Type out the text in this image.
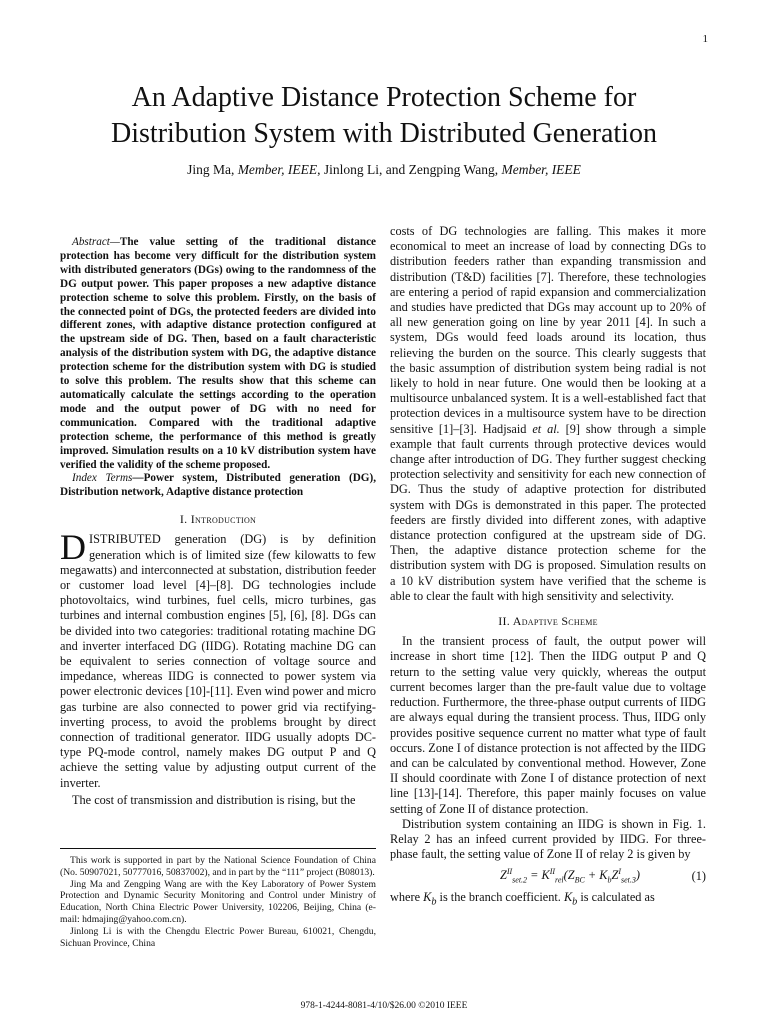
1
An Adaptive Distance Protection Scheme for
Distribution System with Distributed Generation
Jing Ma, Member, IEEE, Jinlong Li, and Zengping Wang, Member, IEEE

Abstract—The value setting of the traditional distance protection has become very difficult for the distribution system with distributed generators (DGs) owing to the randomness of the DG output power. This paper proposes a new adaptive distance protection scheme to solve this problem. Firstly, on the basis of the connected point of DGs, the protected feeders are divided into different zones, with adaptive distance protection configured at the upstream side of DG. Then, based on a fault characteristic analysis of the distribution system with DG, the adaptive distance protection scheme for the distribution system with DG is studied to solve this problem. The results show that this scheme can automatically calculate the settings according to the operation mode and the output power of DG with no need for communication. Compared with the traditional adaptive protection scheme, the performance of this method is greatly improved. Simulation results on a 10 kV distribution system have verified the validity of the scheme proposed.

Index Terms—Power system, Distributed generation (DG), Distribution network, Adaptive distance protection

I. Introduction

DISTRIBUTED generation (DG) is by definition generation which is of limited size (few kilowatts to few megawatts) and interconnected at substation, distribution feeder or customer load level [4]–[8]. DG technologies include photovoltaics, wind turbines, fuel cells, micro turbines, gas turbines and internal combustion engines [5], [6], [8]. DGs can be divided into two categories: traditional rotating machine DG and inverter interfaced DG (IIDG). Rotating machine DG can be equivalent to series connection of voltage source and impedance, whereas IIDG is connected to power system via power electronic devices [10]-[11]. Even wind power and micro gas turbine are also connected to power grid via rectifying-inverting process, to avoid the problems brought by direct connection of traditional generator. IIDG usually adopts DC-type PQ-mode control, namely makes DG output P and Q achieve the setting value by adjusting output current of the inverter.

The cost of transmission and distribution is rising, but the

This work is supported in part by the National Science Foundation of China (No. 50907021, 50777016, 50837002), and in part by the “111” project (B08013).

Jing Ma and Zengping Wang are with the Key Laboratory of Power System Protection and Dynamic Security Monitoring and Control under Ministry of Education, North China Electric Power University, 102206, Beijing, China (e-mail: hdmajing@yahoo.com.cn).

Jinlong Li is with the Chengdu Electric Power Bureau, 610021, Chengdu, Sichuan Province, China

costs of DG technologies are falling. This makes it more economical to meet an increase of load by connecting DGs to distribution feeders rather than expanding transmission and distribution (T&D) facilities [7]. Therefore, these technologies are entering a period of rapid expansion and commercialization and studies have predicted that DGs may account up to 20% of all new generation going on line by year 2011 [4]. In such a system, DGs would feed loads around its location, thus relieving the burden on the source. This clearly suggests that the basic assumption of distribution system being radial is not likely to hold in near future. One would then be looking at a multisource unbalanced system. It is a well-established fact that protection devices in a multisource system have to be direction sensitive [1]–[3]. Hadjsaid et al. [9] show through a simple example that fault currents through protective devices would change after introduction of DG. They further suggest checking protection selectivity and sensitivity for each new connection of DG. Thus the study of adaptive protection for distributed system with DGs is demonstrated in this paper. The protected feeders are firstly divided into different zones, with adaptive distance protection configured at the upstream side of DG. Then, the adaptive distance protection scheme for the distribution system with DG is proposed. Simulation results on a 10 kV distribution system have verified that the scheme is able to clear the fault with high sensitivity and selectivity.

II. Adaptive Scheme

In the transient process of fault, the output power will increase in short time [12]. Then the IIDG output P and Q return to the setting value very quickly, whereas the output current becomes larger than the pre-fault value due to voltage reduction. Furthermore, the three-phase output currents of IIDG are always equal during the transient process. Thus, IIDG only provides positive sequence current no matter what type of fault occurs. Zone I of distance protection is not affected by the IIDG and can be calculated by conventional method. However, Zone II should coordinate with Zone I of distance protection of next line [13]-[14]. Therefore, this paper mainly focuses on value setting of Zone II of distance protection.

Distribution system containing an IIDG is shown in Fig. 1. Relay 2 has an infeed current provided by IIDG. For three-phase fault, the setting value of Zone II of relay 2 is given by

$Z^{II}_{set.2} = K^{II}_{rel}(Z_{BC} + K_bZ^I_{set.3})$	(1)

where $K_b$ is the branch coefficient. $K_b$ is calculated as

978-1-4244-8081-4/10/$26.00 ©2010 IEEE
